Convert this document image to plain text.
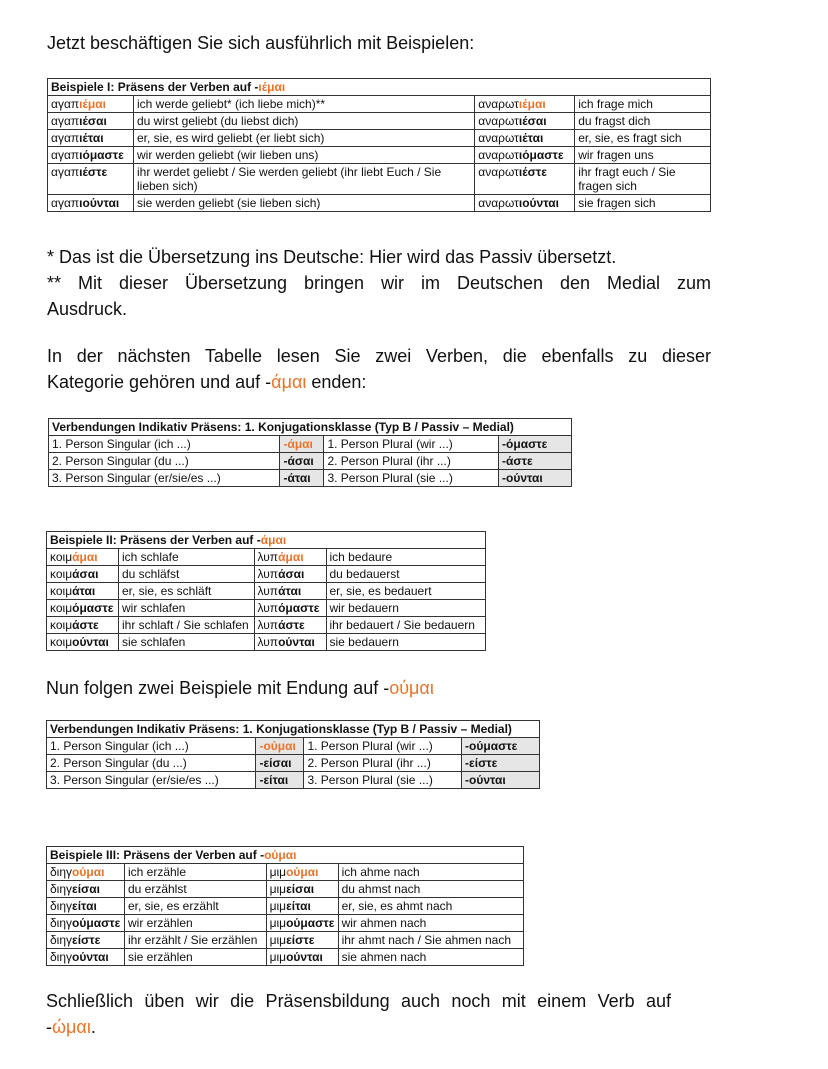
Jetzt beschäftigen Sie sich ausführlich mit Beispielen:

Beispiele I: Präsens der Verben auf -ιέμαι			
αγαπιέμαι	ich werde geliebt* (ich liebe mich)**	αναρωτιέμαι	ich frage mich
αγαπιέσαι	du wirst geliebt (du liebst dich)	αναρωτιέσαι	du fragst dich
αγαπιέται	er, sie, es wird geliebt (er liebt sich)	αναρωτιέται	er, sie, es fragt sich
αγαπιόμαστε	wir werden geliebt (wir lieben uns)	αναρωτιόμαστε	wir fragen uns
αγαπιέστε	ihr werdet geliebt / Sie werden geliebt (ihr liebt Euch / Sie lieben sich)	αναρωτιέστε	ihr fragt euch / Sie fragen sich
αγαπιούνται	sie werden geliebt (sie lieben sich)	αναρωτιούνται	sie fragen sich

* Das ist die Übersetzung ins Deutsche: Hier wird das Passiv übersetzt.

** Mit dieser Übersetzung bringen wir im Deutschen den Medial zum

Ausdruck.

In der nächsten Tabelle lesen Sie zwei Verben, die ebenfalls zu dieser

Kategorie gehören und auf -άμαι enden:

Verbendungen Indikativ Präsens: 1. Konjugationsklasse (Typ B / Passiv – Medial)			
1. Person Singular (ich ...)	-άμαι	1. Person Plural (wir ...)	-όμαστε
2. Person Singular (du ...)	-άσαι	2. Person Plural (ihr ...)	-άστε
3. Person Singular (er/sie/es ...)	-άται	3. Person Plural (sie ...)	-ούνται
Beispiele II: Präsens der Verben auf -άμαι			
κοιμάμαι	ich schlafe	λυπάμαι	ich bedaure
κοιμάσαι	du schläfst	λυπάσαι	du bedauerst
κοιμάται	er, sie, es schläft	λυπάται	er, sie, es bedauert
κοιμόμαστε	wir schlafen	λυπόμαστε	wir bedauern
κοιμάστε	ihr schlaft / Sie schlafen	λυπάστε	ihr bedauert / Sie bedauern
κοιμούνται	sie schlafen	λυπούνται	sie bedauern

Nun folgen zwei Beispiele mit Endung auf -ούμαι

Verbendungen Indikativ Präsens: 1. Konjugationsklasse (Typ B / Passiv – Medial)			
1. Person Singular (ich ...)	-ούμαι	1. Person Plural (wir ...)	-ούμαστε
2. Person Singular (du ...)	-είσαι	2. Person Plural (ihr ...)	-είστε
3. Person Singular (er/sie/es ...)	-είται	3. Person Plural (sie ...)	-ούνται
Beispiele III: Präsens der Verben auf -ούμαι			
διηγούμαι	ich erzähle	μιμούμαι	ich ahme nach
διηγείσαι	du erzählst	μιμείσαι	du ahmst nach
διηγείται	er, sie, es erzählt	μιμείται	er, sie, es ahmt nach
διηγούμαστε	wir erzählen	μιμούμαστε	wir ahmen nach
διηγείστε	ihr erzählt / Sie erzählen	μιμείστε	ihr ahmt nach / Sie ahmen nach
διηγούνται	sie erzählen	μιμούνται	sie ahmen nach

Schließlich üben wir die Präsensbildung auch noch mit einem Verb auf

-ώμαι.
